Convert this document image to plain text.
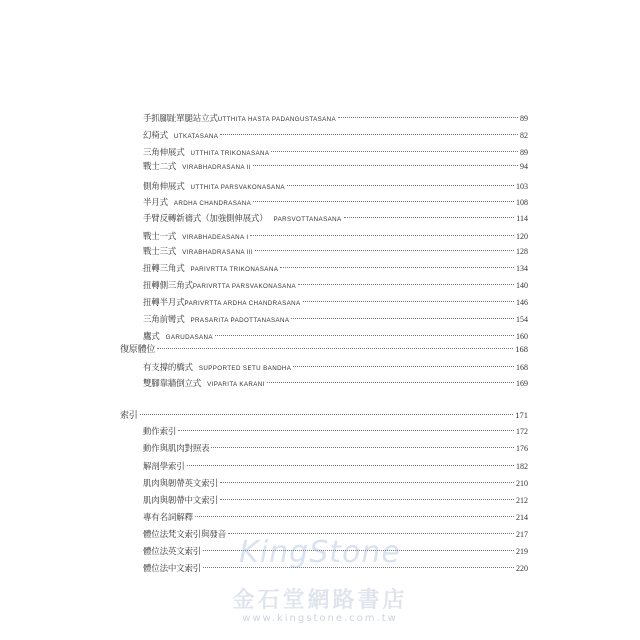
手抓腳趾單腿站立式 UTTHITA HASTA PADANGUSTASANA	89
幻椅式 UTKATASANA	82
三角伸展式 UTTHITA TRIKONASANA	89
戰士二式 VIRABHADRASANA II	94
側角伸展式 UTTHITA PARSVAKONASANA	103
半月式 ARDHA CHANDRASANA	108
手臂反轉新禱式（加強側伸展式） PARSVOTTANASANA	114
戰士一式 VIRABHADEASANA I	120
戰士三式 VIRABHADRASANA III	128
扭轉三角式 PARIVRTTA TRIKONASANA	134
扭轉側三角式 PARIVRTTA PARSVAKONASANA	140
扭轉半月式 PARIVRTTA ARDHA CHANDRASANA	146
三角前彎式 PRASARITA PADOTTANASANA	154
鷹式 GARUDASANA	160
復原體位	168
有支撐的橋式 SUPPORTED SETU BANDHA	168
雙腳靠牆倒立式 VIPARITA KARANI	169
索引	171
動作索引	172
動作與肌肉對照表	176
解剖學索引	182
肌肉與韌帶英文索引	210
肌肉與韌帶中文索引	212
專有名詞解釋	214
體位法梵文索引與發音	217
體位法英文索引	219
體位法中文索引	220
KingStone
金石堂網路書店
www.kingstone.com.tw
